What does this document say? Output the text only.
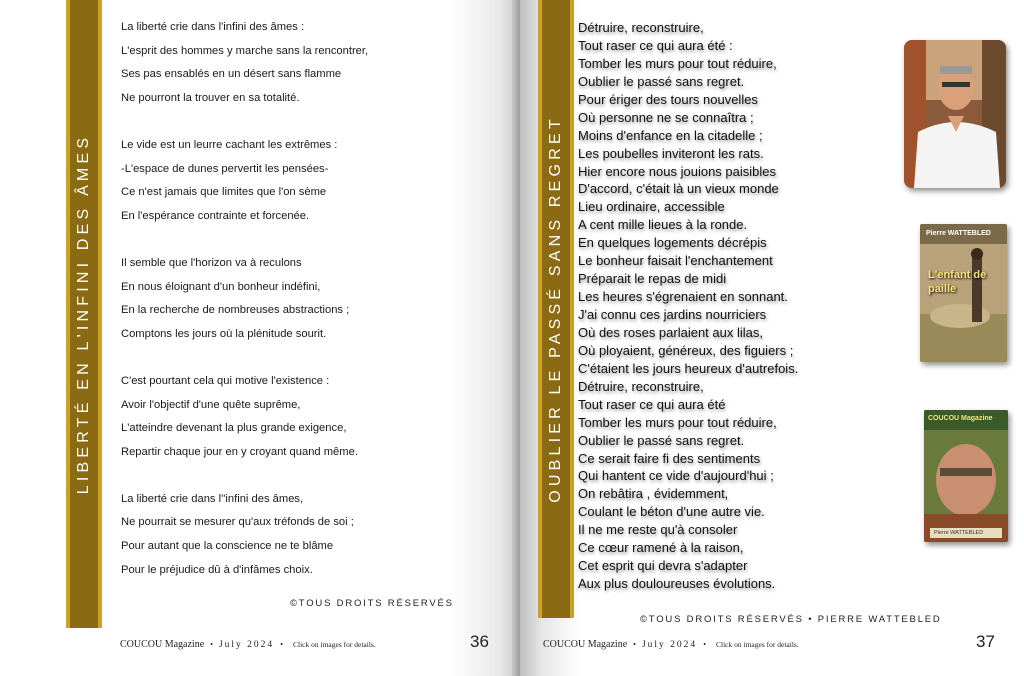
LIBERTÉ EN L'INFINI DES ÂMES
La liberté crie dans l'infini des âmes :
L'esprit des hommes y marche sans la rencontrer,
Ses pas ensablés en un désert sans flamme
Ne pourront la trouver en sa totalité.
Le vide est un leurre cachant les extrêmes :
-L'espace de dunes pervertit les pensées-
Ce n'est jamais que limites que l'on sème
En l'espérance contrainte et forcenée.
Il semble que l'horizon va à reculons
En nous éloignant d'un bonheur indéfini,
En la recherche de nombreuses abstractions ;
Comptons les jours où la plénitude sourit.
C'est pourtant cela qui motive l'existence :
Avoir l'objectif d'une quête suprême,
L'atteindre devenant la plus grande exigence,
Repartir chaque jour en y croyant quand même.
La liberté crie dans l''infini des âmes,
Ne pourrait se mesurer qu'aux tréfonds de soi ;
Pour autant que la conscience ne te blâme
Pour le préjudice dû à d'infâmes choix.
©TOUS DROITS RÉSERVÉS
COUCOU Magazine • July 2024 • Click on images for details.	36
OUBLIER LE PASSÉ SANS REGRET
Détruire, reconstruire,
Tout raser ce qui aura été :
Tomber les murs pour tout réduire,
Oublier le passé sans regret.
Pour ériger des tours nouvelles
Où personne ne se connaîtra ;
Moins d'enfance en la citadelle ;
Les poubelles inviteront les rats.
Hier encore nous jouions paisibles
D'accord, c'était là un vieux monde
Lieu ordinaire, accessible
A cent mille lieues à la ronde.
En quelques logements décrépis
Le bonheur faisait l'enchantement
Préparait le repas de midi
Les heures s'égrenaient en sonnant.
J'ai connu ces jardins nourriciers
Où des roses parlaient aux lilas,
Où ployaient, généreux, des figuiers ;
C'étaient les jours heureux d'autrefois.
Détruire, reconstruire,
Tout raser ce qui aura été
Tomber les murs pour tout réduire,
Oublier le passé sans regret.
Ce serait faire fi des sentiments
Qui hantent ce vide d'aujourd'hui ;
On rebâtira , évidemment,
Coulant le béton d'une autre vie.
Il ne me reste qu'à consoler
Ce cœur ramené à la raison,
Cet esprit qui devra s'adapter
Aux plus douloureuses évolutions.
Pierre WATTEBLED
L'enfant de paille
COUCOU Magazine
Pierre WATTEBLED
©TOUS DROITS RÉSERVÉS • PIERRE WATTEBLED
COUCOU Magazine • July 2024 • Click on images for details.	37
